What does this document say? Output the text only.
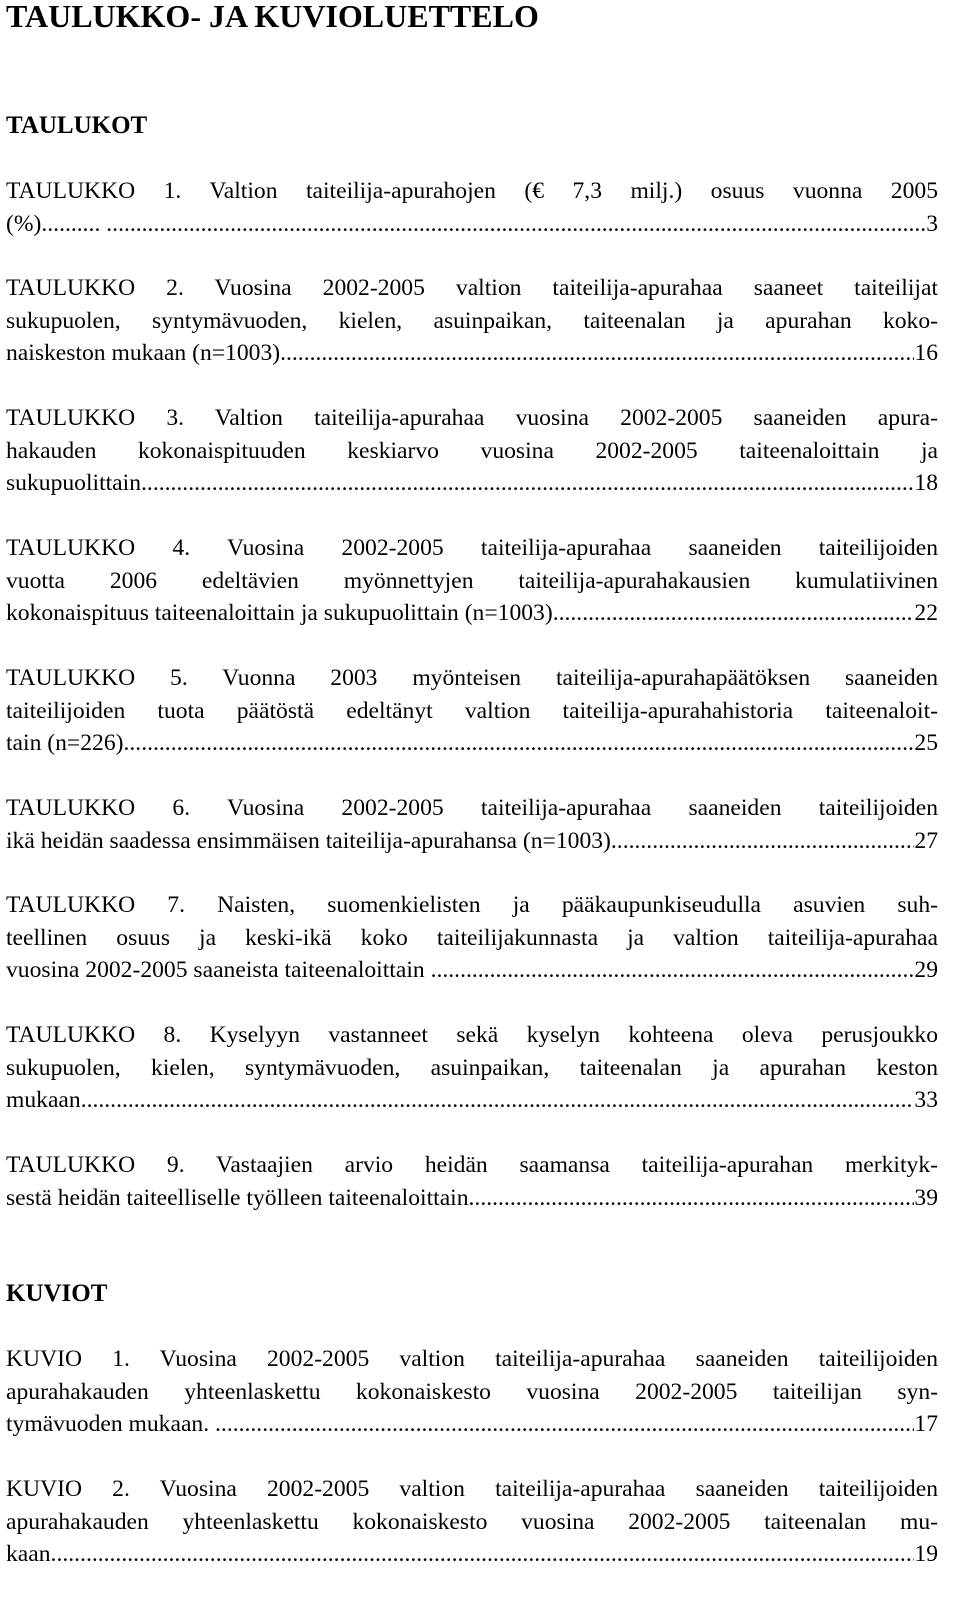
TAULUKKO- JA KUVIOLUETTELO
TAULUKOT
TAULUKKO 1. Valtion taiteilija-apurahojen (€ 7,3 milj.) osuus vuonna 2005
(%).......... .....	3
TAULUKKO 2. Vuosina 2002-2005 valtion taiteilija-apurahaa saaneet taiteilijat
sukupuolen, syntymävuoden, kielen, asuinpaikan, taiteenalan ja apurahan koko-
naiskeston mukaan (n=1003) .....	16
TAULUKKO 3. Valtion taiteilija-apurahaa vuosina 2002-2005 saaneiden apura-
hakauden kokonaispituuden keskiarvo vuosina 2002-2005 taiteenaloittain ja
sukupuolittain .....	18
TAULUKKO 4. Vuosina 2002-2005 taiteilija-apurahaa saaneiden taiteilijoiden
vuotta 2006 edeltävien myönnettyjen taiteilija-apurahakausien kumulatiivinen
kokonaispituus taiteenaloittain ja sukupuolittain (n=1003) .....	22
TAULUKKO 5. Vuonna 2003 myönteisen taiteilija-apurahapäätöksen saaneiden
taiteilijoiden tuota päätöstä edeltänyt valtion taiteilija-apurahahistoria taiteenaloit-
tain (n=226) .....	25
TAULUKKO 6. Vuosina 2002-2005 taiteilija-apurahaa saaneiden taiteilijoiden
ikä heidän saadessa ensimmäisen taiteilija-apurahansa (n=1003) .....	27
TAULUKKO 7. Naisten, suomenkielisten ja pääkaupunkiseudulla asuvien suh-
teellinen osuus ja keski-ikä koko taiteilijakunnasta ja valtion taiteilija-apurahaa
vuosina 2002-2005 saaneista taiteenaloittain .....	29
TAULUKKO 8. Kyselyyn vastanneet sekä kyselyn kohteena oleva perusjoukko
sukupuolen, kielen, syntymävuoden, asuinpaikan, taiteenalan ja apurahan keston
mukaan .....	33
TAULUKKO 9. Vastaajien arvio heidän saamansa taiteilija-apurahan merkityk-
sestä heidän taiteelliselle työlleen taiteenaloittain .....	39
KUVIOT
KUVIO 1. Vuosina 2002-2005 valtion taiteilija-apurahaa saaneiden taiteilijoiden
apurahakauden yhteenlaskettu kokonaiskesto vuosina 2002-2005 taiteilijan syn-
tymävuoden mukaan. .....	17
KUVIO 2. Vuosina 2002-2005 valtion taiteilija-apurahaa saaneiden taiteilijoiden
apurahakauden yhteenlaskettu kokonaiskesto vuosina 2002-2005 taiteenalan mu-
kaan .....	19
